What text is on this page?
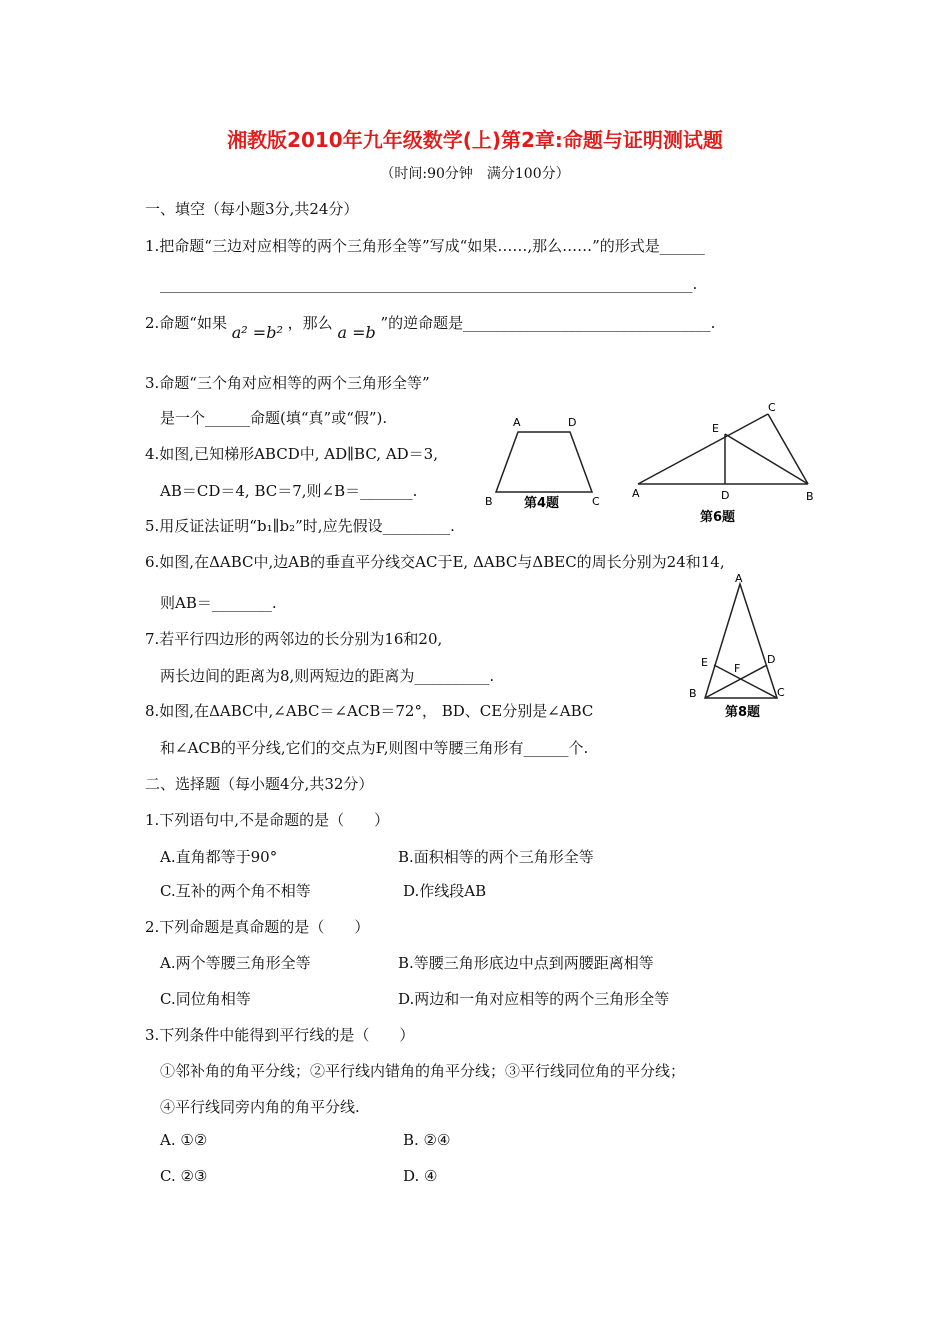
湘教版2010年九年级数学(上)第2章:命题与证明测试题
（时间:90分钟　满分100分）
一、填空（每小题3分,共24分）
1.把命题“三边对应相等的两个三角形全等”写成“如果……,那么……”的形式是______
_______________________________________________________________________.
2.命题“如果 a² =b² ，那么 a =b ”的逆命题是_________________________________.
3.命题“三个角对应相等的两个三角形全等”
是一个______命题(填“真”或“假”).
4.如图,已知梯形ABCD中, AD∥BC, AD＝3,
AB＝CD＝4, BC＝7,则∠B＝_______.
5.用反证法证明“b₁∥b₂”时,应先假设_________.
6.如图,在ΔABC中,边AB的垂直平分线交AC于E, ΔABC与ΔBEC的周长分别为24和14,
则AB＝________.
7.若平行四边形的两邻边的长分别为16和20,
两长边间的距离为8,则两短边的距离为__________.
8.如图,在ΔABC中,∠ABC＝∠ACB＝72°， BD、CE分别是∠ABC
和∠ACB的平分线,它们的交点为F,则图中等腰三角形有______个.
二、选择题（每小题4分,共32分）
1.下列语句中,不是命题的是（　　）
A.直角都等于90°	B.面积相等的两个三角形全等
C.互补的两个角不相等	D.作线段AB
2.下列命题是真命题的是（　　）
A.两个等腰三角形全等	B.等腰三角形底边中点到两腰距离相等
C.同位角相等	D.两边和一角对应相等的两个三角形全等
3.下列条件中能得到平行线的是（　　）
①邻补角的角平分线；②平行线内错角的角平分线；③平行线同位角的平分线；
④平行线同旁内角的角平分线.
A. ①②	B. ②④
C. ②③	D. ④
A	D
B	C
第4题
A	B
C
D
E
第6题
A
B	C
D
E F
第8题
